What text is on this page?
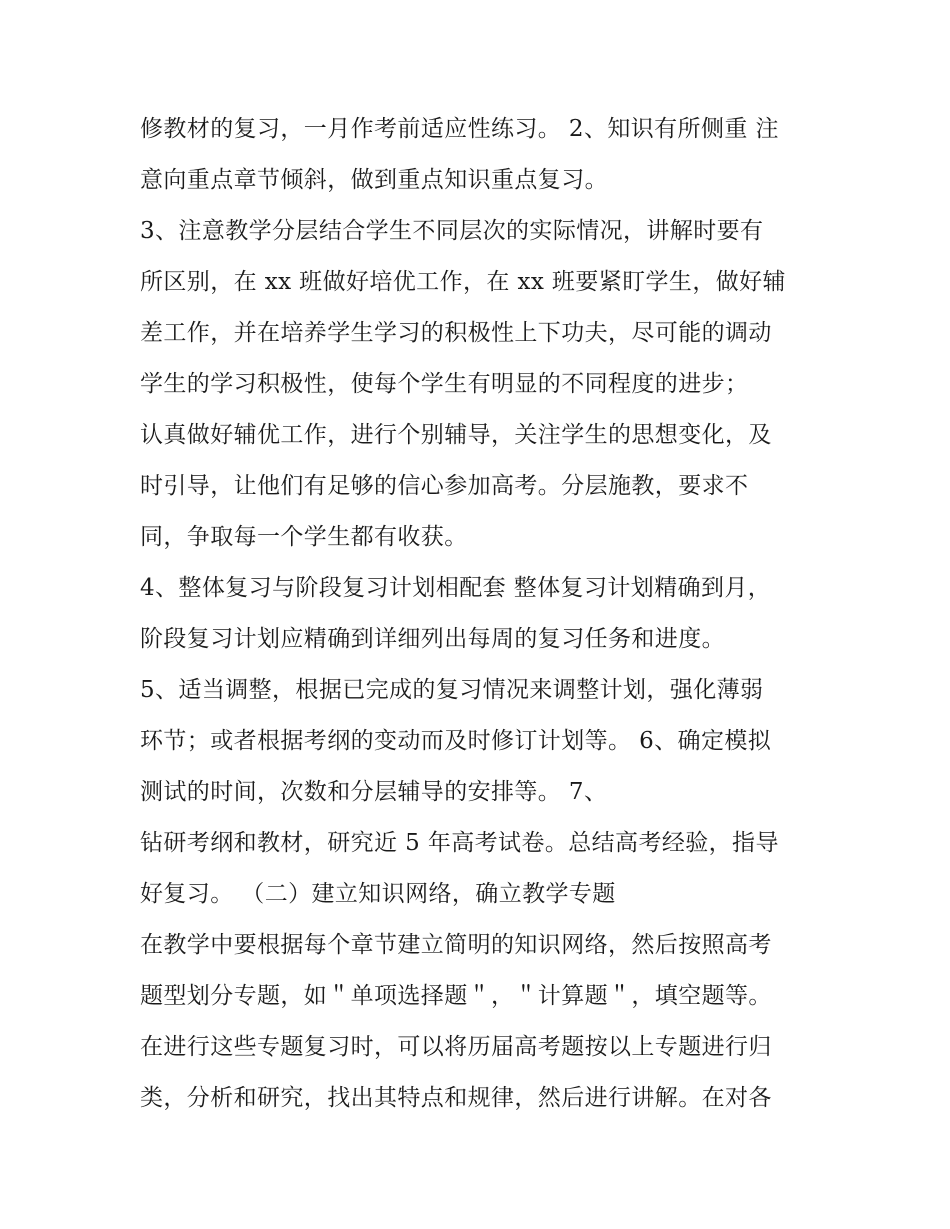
修教材的复习，一月作考前适应性练习。 2、知识有所侧重 注
意向重点章节倾斜，做到重点知识重点复习。
3、注意教学分层结合学生不同层次的实际情况，讲解时要有
所区别，在 xx 班做好培优工作，在 xx 班要紧盯学生，做好辅
差工作，并在培养学生学习的积极性上下功夫，尽可能的调动
学生的学习积极性，使每个学生有明显的不同程度的进步；
认真做好辅优工作，进行个别辅导，关注学生的思想变化，及
时引导，让他们有足够的信心参加高考。分层施教，要求不
同，争取每一个学生都有收获。
4、整体复习与阶段复习计划相配套 整体复习计划精确到月，
阶段复习计划应精确到详细列出每周的复习任务和进度。
5、适当调整，根据已完成的复习情况来调整计划，强化薄弱
环节；或者根据考纲的变动而及时修订计划等。 6、确定模拟
测试的时间，次数和分层辅导的安排等。 7、
钻研考纲和教材，研究近 5 年高考试卷。总结高考经验，指导
好复习。 （二）建立知识网络，确立教学专题
在教学中要根据每个章节建立简明的知识网络，然后按照高考
题型划分专题，如＂单项选择题＂，＂计算题＂，填空题等。
在进行这些专题复习时，可以将历届高考题按以上专题进行归
类，分析和研究，找出其特点和规律，然后进行讲解。在对各
